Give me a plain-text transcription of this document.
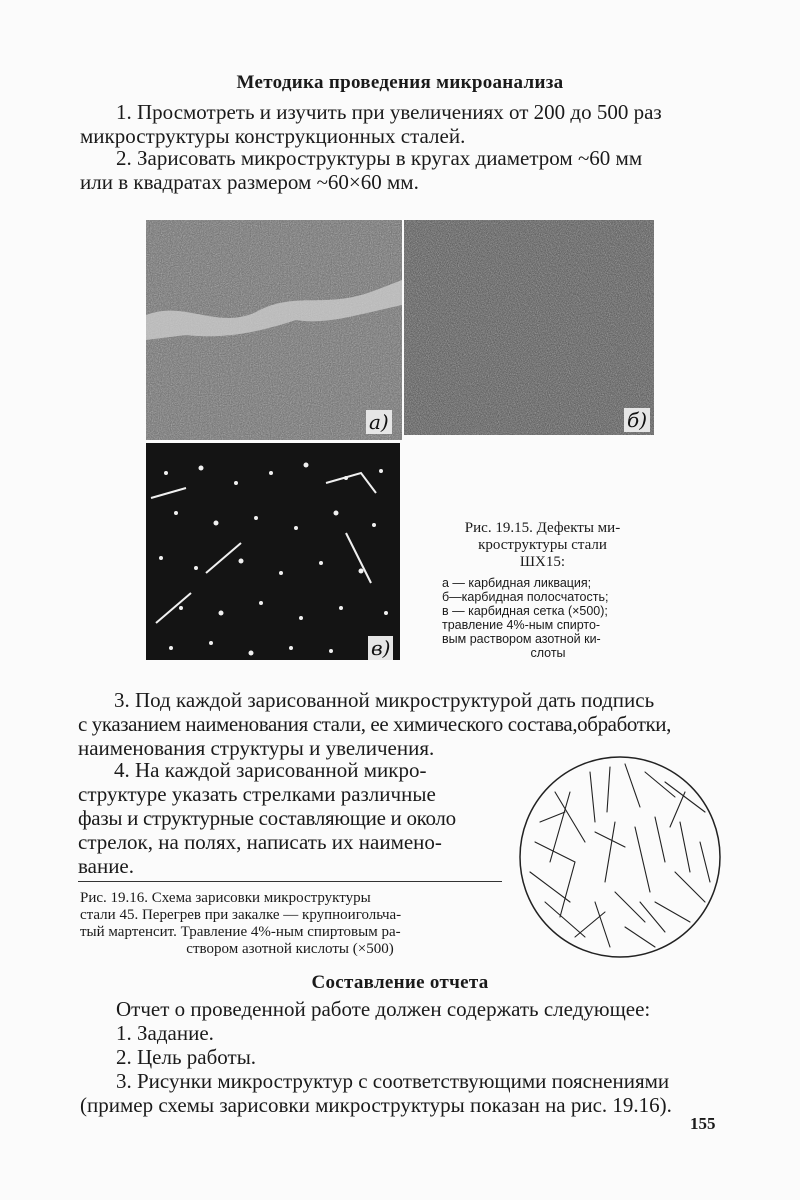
Методика проведения микроанализа
1. Просмотреть и изучить при увеличениях от 200 до 500 раз
микроструктуры конструкционных сталей.
2. Зарисовать микроструктуры в кругах диаметром ~60 мм
или в квадратах размером ~60×60 мм.
а)	б)
в)
Рис. 19.15. Дефекты ми-
кроструктуры стали
ШХ15:
а — карбидная ликвация;
б—карбидная полосчатость;
в — карбидная сетка (×500);
травление 4%-ным спирто-
вым раствором азотной ки-
слоты
3. Под каждой зарисованной микроструктурой дать подпись
с указанием наименования стали, ее химического состава,обработки,
наименования структуры и увеличения.
4. На каждой зарисованной микро-
структуре указать стрелками различные
фазы и структурные составляющие и около
стрелок, на полях, написать их наимено-
вание.
Рис. 19.16. Схема зарисовки микроструктуры
стали 45. Перегрев при закалке — крупноигольча-
тый мартенсит. Травление 4%-ным спиртовым ра-
створом азотной кислоты (×500)
Составление отчета
Отчет о проведенной работе должен содержать следующее:
1. Задание.
2. Цель работы.
3. Рисунки микроструктур с соответствующими пояснениями
(пример схемы зарисовки микроструктуры показан на рис. 19.16).
155
